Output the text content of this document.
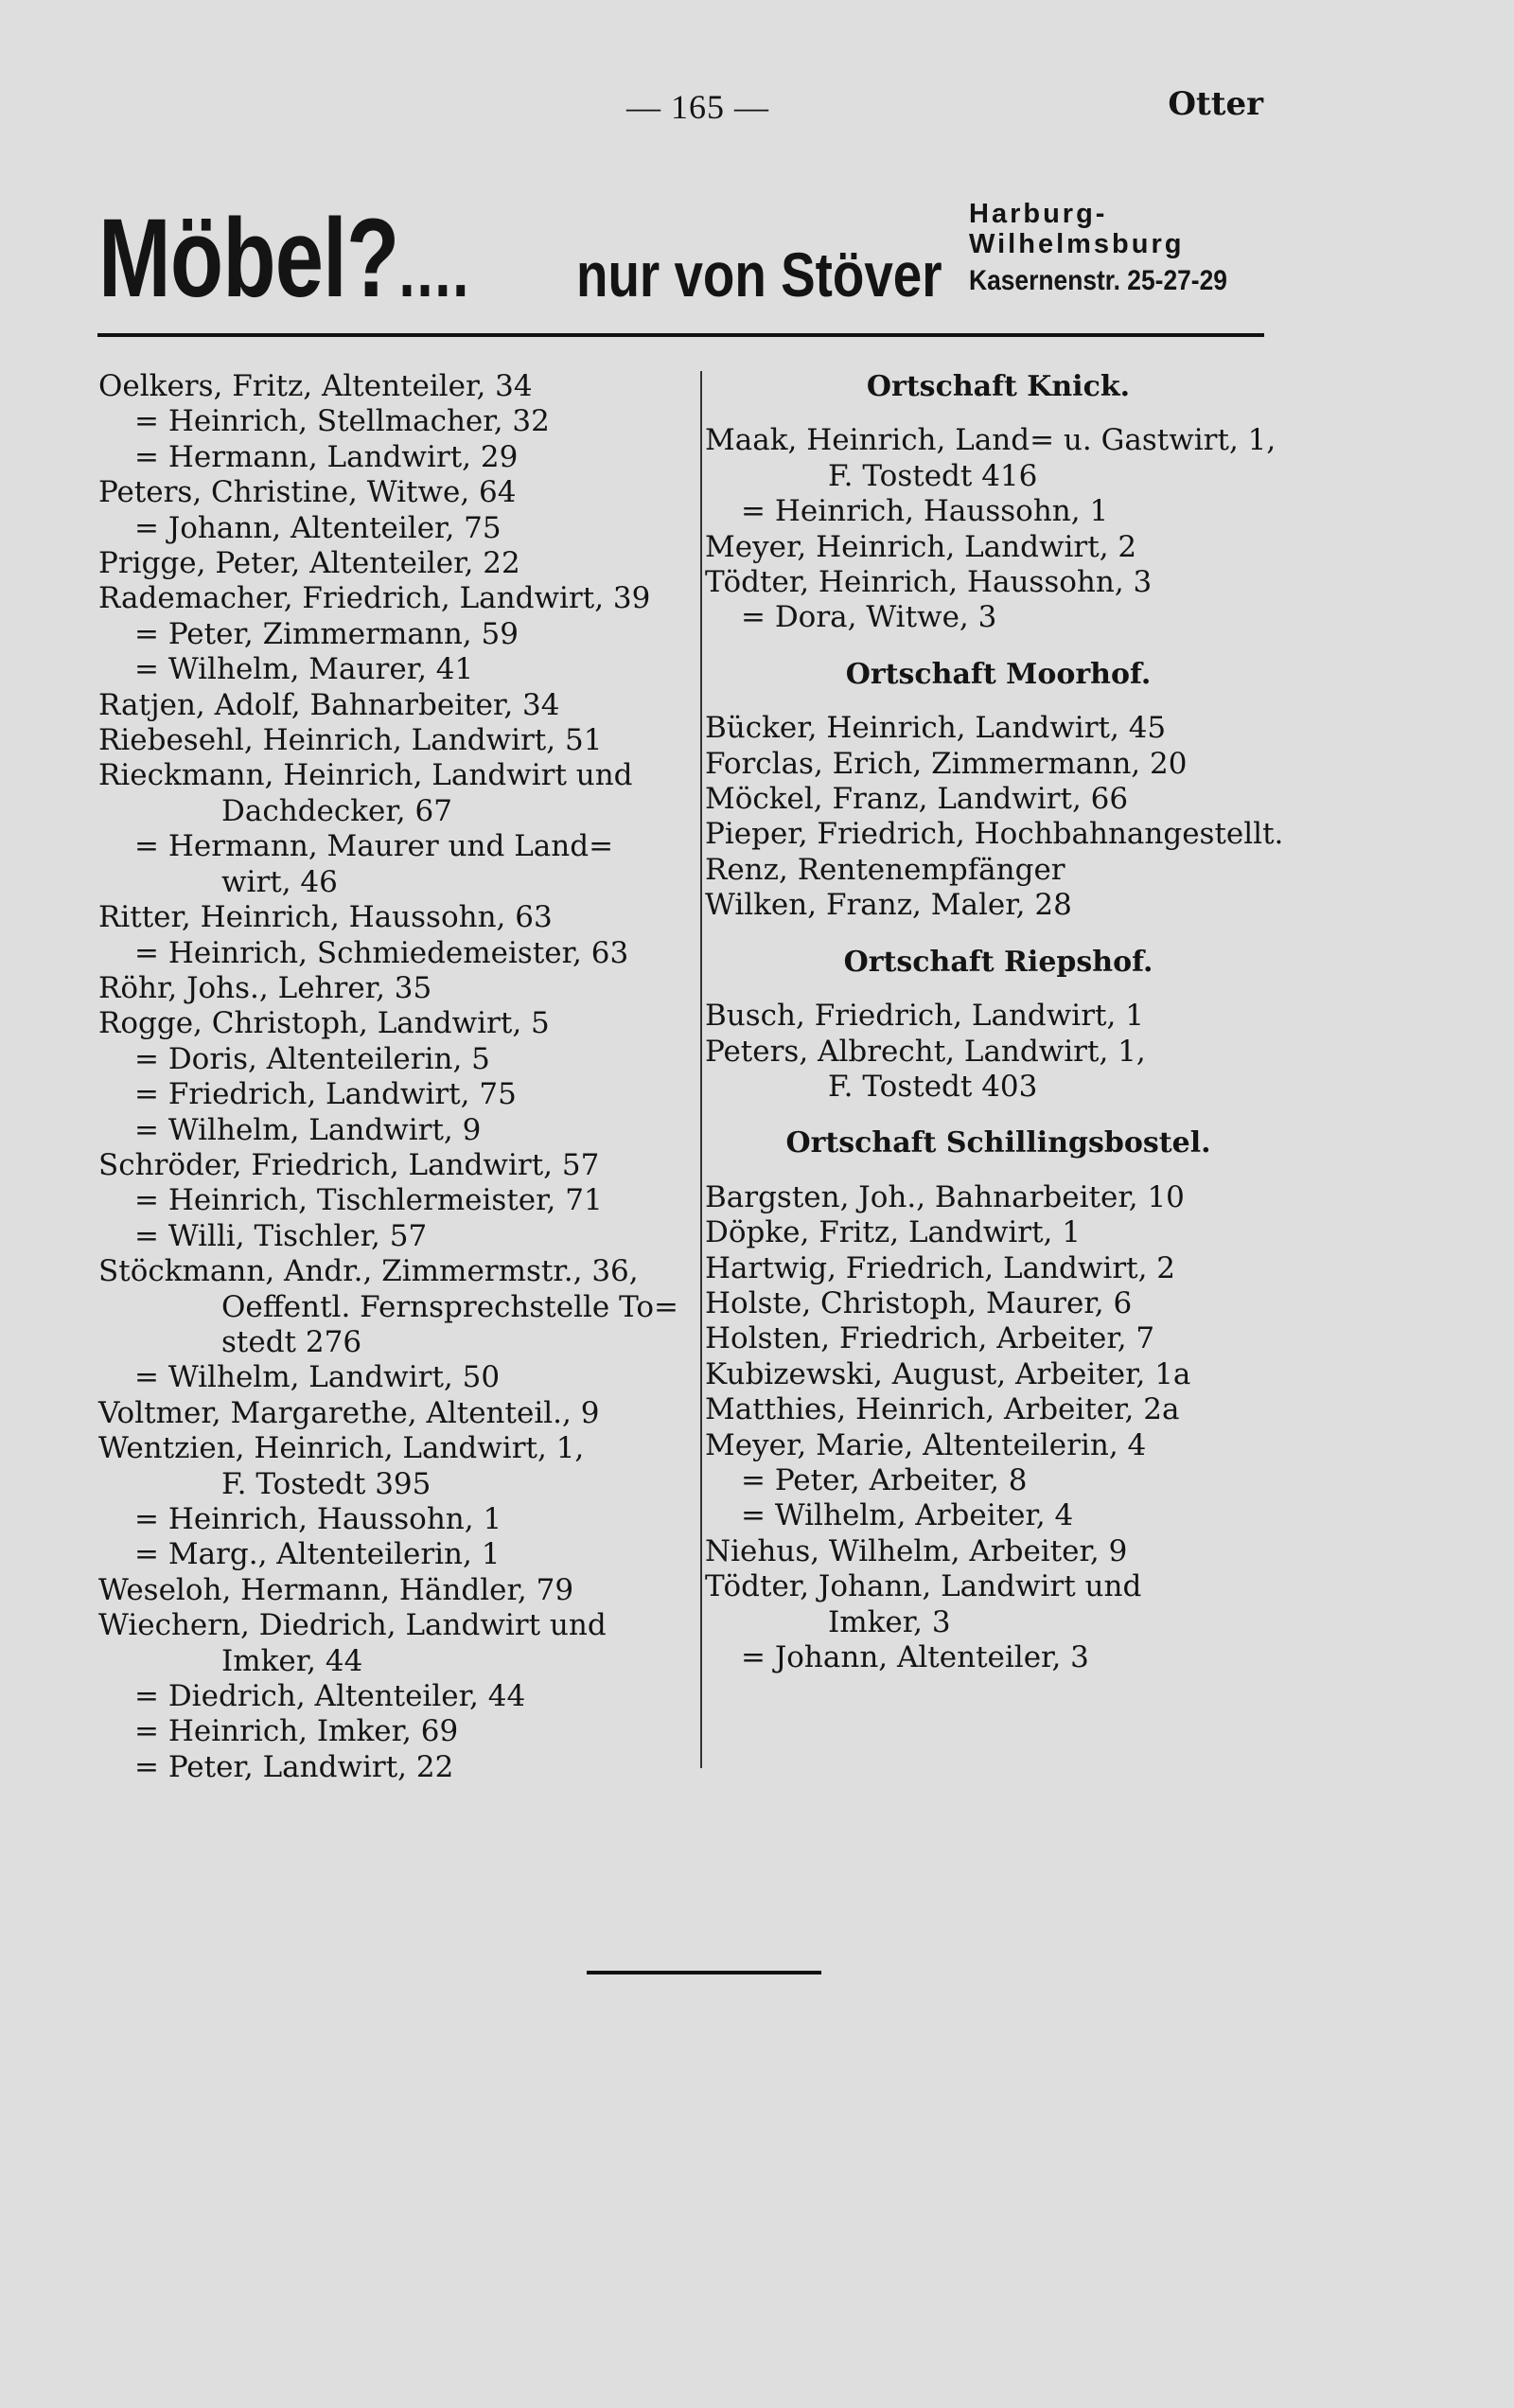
— 165 —	Otter
Möbel?.... nur von Stöver
Harburg-
Wilhelmsburg
Kasernenstr. 25-27-29
Oelkers, Fritz, Altenteiler, 34
= Heinrich, Stellmacher, 32
= Hermann, Landwirt, 29
Peters, Christine, Witwe, 64
= Johann, Altenteiler, 75
Prigge, Peter, Altenteiler, 22
Rademacher, Friedrich, Landwirt, 39
= Peter, Zimmermann, 59
= Wilhelm, Maurer, 41
Ratjen, Adolf, Bahnarbeiter, 34
Riebesehl, Heinrich, Landwirt, 51
Rieckmann, Heinrich, Landwirt und
Dachdecker, 67
= Hermann, Maurer und Land=
wirt, 46
Ritter, Heinrich, Haussohn, 63
= Heinrich, Schmiedemeister, 63
Röhr, Johs., Lehrer, 35
Rogge, Christoph, Landwirt, 5
= Doris, Altenteilerin, 5
= Friedrich, Landwirt, 75
= Wilhelm, Landwirt, 9
Schröder, Friedrich, Landwirt, 57
= Heinrich, Tischlermeister, 71
= Willi, Tischler, 57
Stöckmann, Andr., Zimmermstr., 36,
Oeffentl. Fernsprechstelle To=
stedt 276
= Wilhelm, Landwirt, 50
Voltmer, Margarethe, Altenteil., 9
Wentzien, Heinrich, Landwirt, 1,
F. Tostedt 395
= Heinrich, Haussohn, 1
= Marg., Altenteilerin, 1
Weseloh, Hermann, Händler, 79
Wiechern, Diedrich, Landwirt und
Imker, 44
= Diedrich, Altenteiler, 44
= Heinrich, Imker, 69
= Peter, Landwirt, 22
Ortschaft Knick.
Maak, Heinrich, Land= u. Gastwirt, 1,
F. Tostedt 416
= Heinrich, Haussohn, 1
Meyer, Heinrich, Landwirt, 2
Tödter, Heinrich, Haussohn, 3
= Dora, Witwe, 3
Ortschaft Moorhof.
Bücker, Heinrich, Landwirt, 45
Forclas, Erich, Zimmermann, 20
Möckel, Franz, Landwirt, 66
Pieper, Friedrich, Hochbahnangestellt.
Renz, Rentenempfänger
Wilken, Franz, Maler, 28
Ortschaft Riepshof.
Busch, Friedrich, Landwirt, 1
Peters, Albrecht, Landwirt, 1,
F. Tostedt 403
Ortschaft Schillingsbostel.
Bargsten, Joh., Bahnarbeiter, 10
Döpke, Fritz, Landwirt, 1
Hartwig, Friedrich, Landwirt, 2
Holste, Christoph, Maurer, 6
Holsten, Friedrich, Arbeiter, 7
Kubizewski, August, Arbeiter, 1a
Matthies, Heinrich, Arbeiter, 2a
Meyer, Marie, Altenteilerin, 4
= Peter, Arbeiter, 8
= Wilhelm, Arbeiter, 4
Niehus, Wilhelm, Arbeiter, 9
Tödter, Johann, Landwirt und
Imker, 3
= Johann, Altenteiler, 3
